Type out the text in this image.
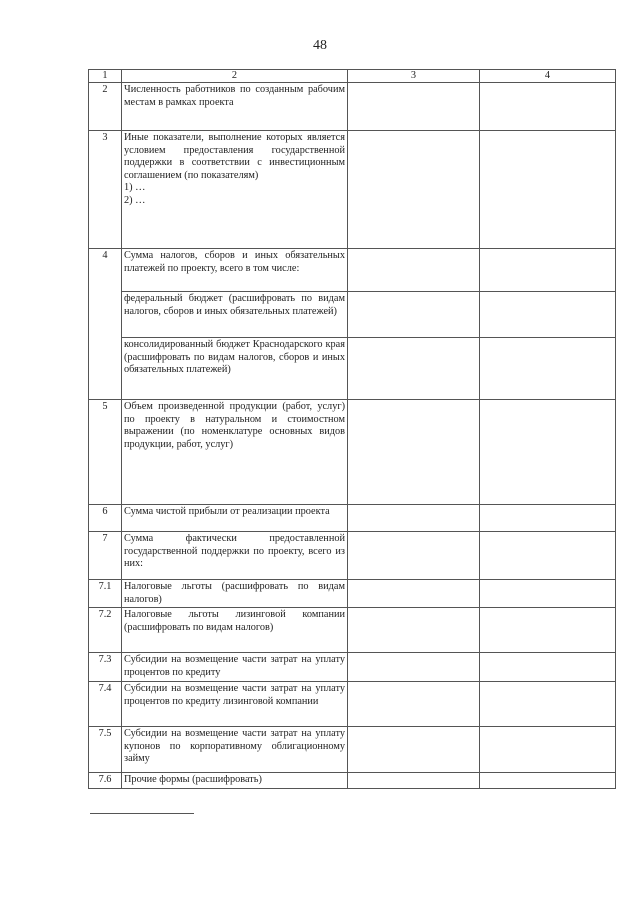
48
1	2	3	4
2	Численность работников по созданным рабочим местам в рамках проекта		
3	Иные показатели, выполнение которых является условием предоставления государственной поддержки в соответствии с инвестиционным соглашением (по показателям)
1) …
2) …		
4	Сумма налогов, сборов и иных обязательных платежей по проекту, всего в том числе:		
	федеральный бюджет (расшифровать по видам налогов, сборов и иных обязательных платежей)		
	консолидированный бюджет Краснодарского края (расшифровать по видам налогов, сборов и иных обязательных платежей)		
5	Объем произведенной продукции (работ, услуг) по проекту в натуральном и стоимостном выражении (по номенклатуре основных видов продукции, работ, услуг)		
6	Сумма чистой прибыли от реализации проекта		
7	Сумма фактически предоставленной государственной поддержки по проекту, всего из них:		
7.1	Налоговые льготы (расшифровать по видам налогов)		
7.2	Налоговые льготы лизинговой компании (расшифровать по видам налогов)		
7.3	Субсидии на возмещение части затрат на уплату процентов по кредиту		
7.4	Субсидии на возмещение части затрат на уплату процентов по кредиту лизинговой компании		
7.5	Субсидии на возмещение части затрат на уплату купонов по корпоративному облигационному займу		
7.6	Прочие формы (расшифровать)		
